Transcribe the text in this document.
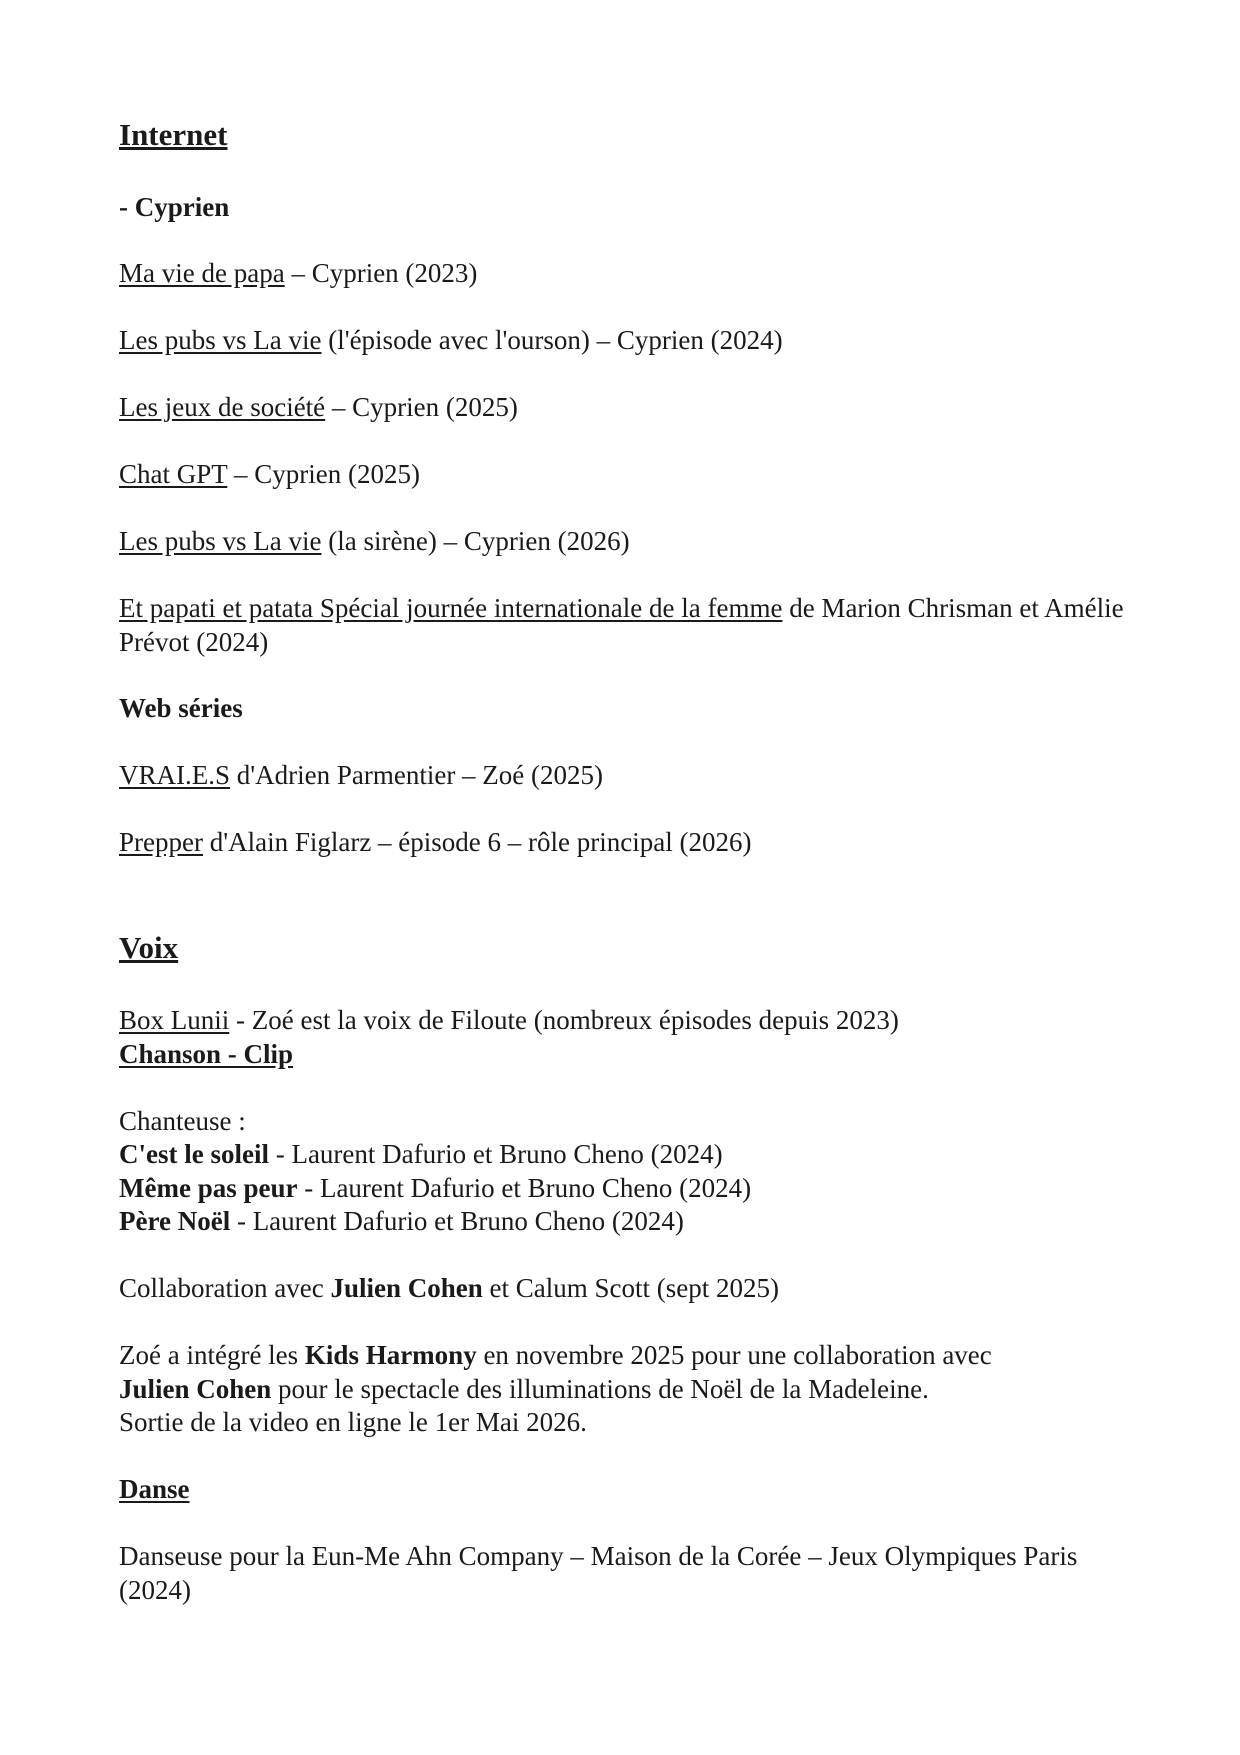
Internet
- Cyprien
Ma vie de papa – Cyprien (2023)
Les pubs vs La vie (l'épisode avec l'ourson) – Cyprien (2024)
Les jeux de société – Cyprien (2025)
Chat GPT – Cyprien (2025)
Les pubs vs La vie (la sirène) – Cyprien (2026)
Et papati et patata Spécial journée internationale de la femme de Marion Chrisman et Amélie Prévot (2024)
Web séries
VRAI.E.S d'Adrien Parmentier – Zoé (2025)
Prepper d'Alain Figlarz – épisode 6 – rôle principal (2026)
Voix
Box Lunii - Zoé est la voix de Filoute (nombreux épisodes depuis 2023)
Chanson - Clip
Chanteuse :
C'est le soleil - Laurent Dafurio et Bruno Cheno (2024)
Même pas peur - Laurent Dafurio et Bruno Cheno (2024)
Père Noël - Laurent Dafurio et Bruno Cheno (2024)
Collaboration avec Julien Cohen et Calum Scott (sept 2025)
Zoé a intégré les Kids Harmony en novembre 2025 pour une collaboration avec
Julien Cohen pour le spectacle des illuminations de Noël de la Madeleine.
Sortie de la video en ligne le 1er Mai 2026.
Danse
Danseuse pour la Eun-Me Ahn Company – Maison de la Corée – Jeux Olympiques Paris (2024)
